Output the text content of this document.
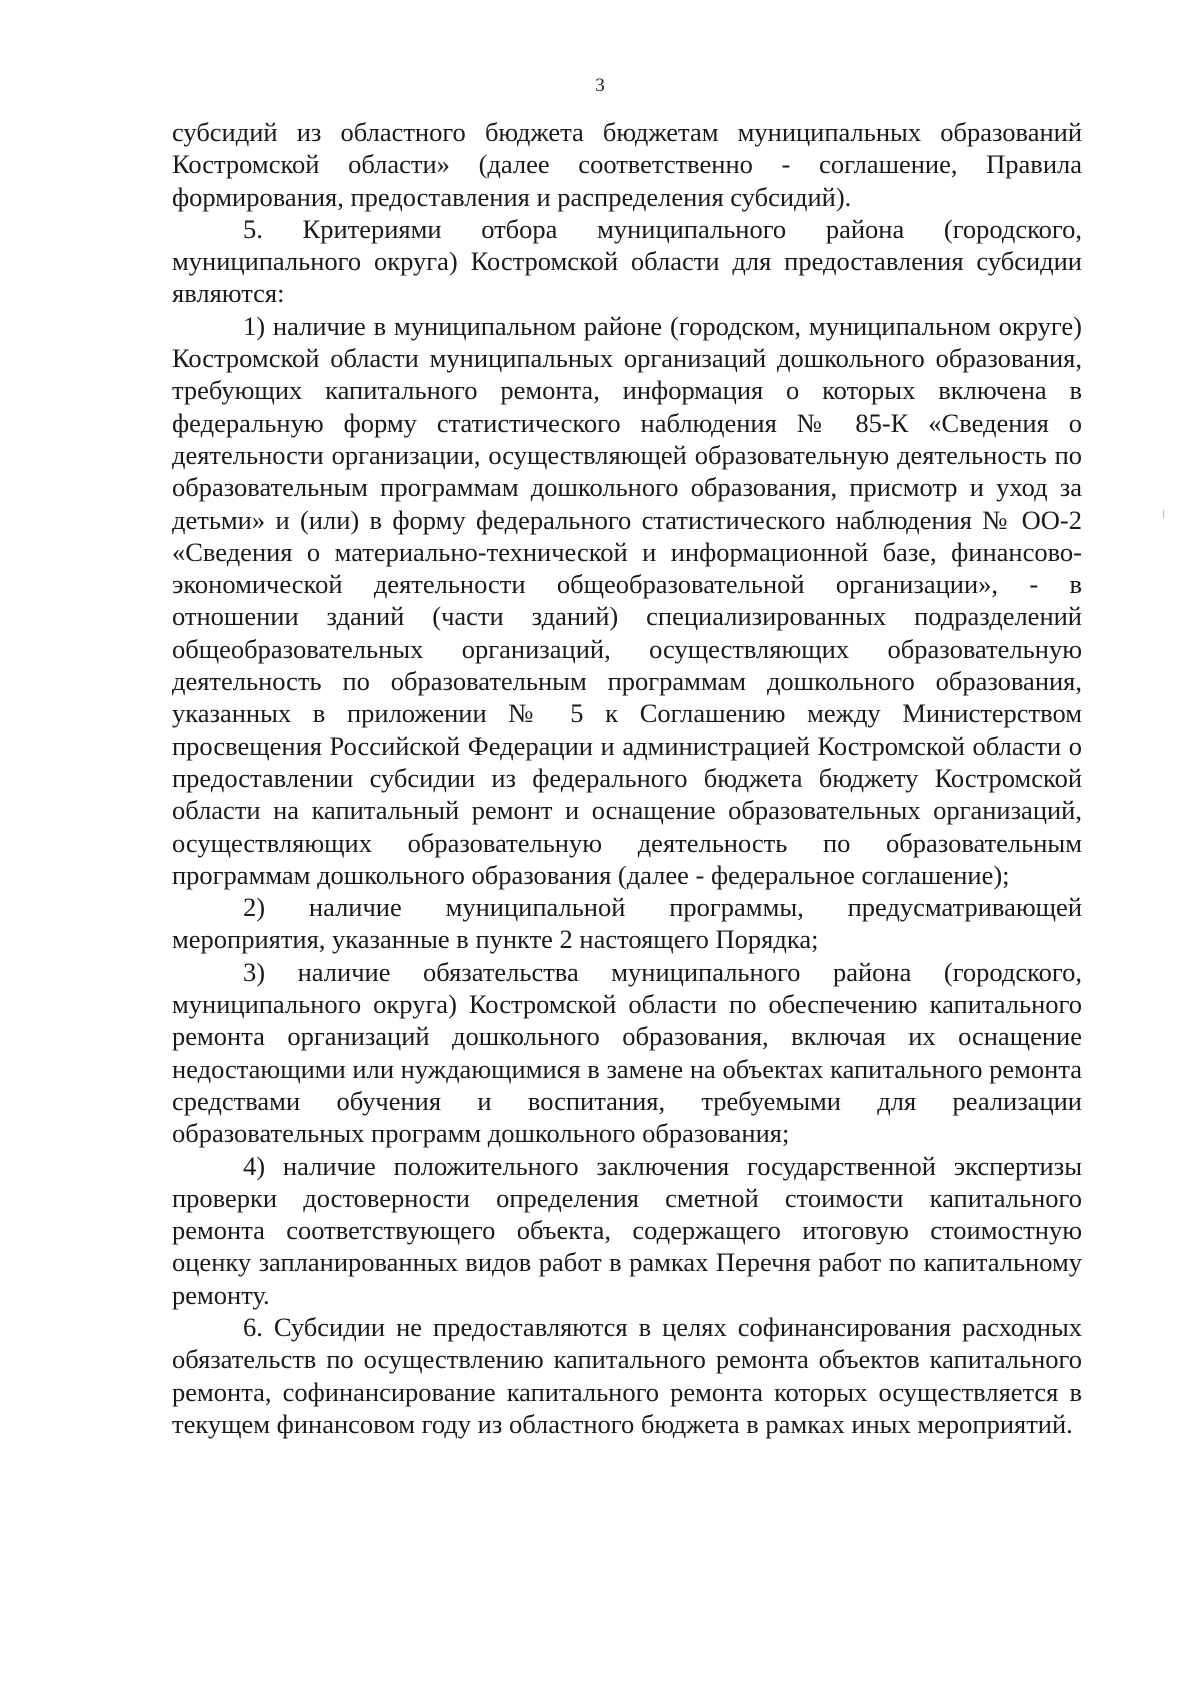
3

субсидий из областного бюджета бюджетам муниципальных образований Костромской области» (далее соответственно - соглашение, Правила формирования, предоставления и распределения субсидий).

5. Критериями отбора муниципального района (городского, муниципального округа) Костромской области для предоставления субсидии являются:

1) наличие в муниципальном районе (городском, муниципальном округе) Костромской области муниципальных организаций дошкольного образования, требующих капитального ремонта, информация о которых включена в федеральную форму статистического наблюдения № 85-К «Сведения о деятельности организации, осуществляющей образовательную деятельность по образовательным программам дошкольного образования, присмотр и уход за детьми» и (или) в форму федерального статистического наблюдения № ОО-2 «Сведения о материально-технической и информационной базе, финансово-экономической деятельности общеобразовательной организации», - в отношении зданий (части зданий) специализированных подразделений общеобразовательных организаций, осуществляющих образовательную деятельность по образовательным программам дошкольного образования, указанных в приложении № 5 к Соглашению между Министерством просвещения Российской Федерации и администрацией Костромской области о предоставлении субсидии из федерального бюджета бюджету Костромской области на капитальный ремонт и оснащение образовательных организаций, осуществляющих образовательную деятельность по образовательным программам дошкольного образования (далее - федеральное соглашение);

2) наличие муниципальной программы, предусматривающей мероприятия, указанные в пункте 2 настоящего Порядка;

3) наличие обязательства муниципального района (городского, муниципального округа) Костромской области по обеспечению капитального ремонта организаций дошкольного образования, включая их оснащение недостающими или нуждающимися в замене на объектах капитального ремонта средствами обучения и воспитания, требуемыми для реализации образовательных программ дошкольного образования;

4) наличие положительного заключения государственной экспертизы проверки достоверности определения сметной стоимости капитального ремонта соответствующего объекта, содержащего итоговую стоимостную оценку запланированных видов работ в рамках Перечня работ по капитальному ремонту.

6. Субсидии не предоставляются в целях софинансирования расходных обязательств по осуществлению капитального ремонта объектов капитального ремонта, софинансирование капитального ремонта которых осуществляется в текущем финансовом году из областного бюджета в рамках иных мероприятий.
